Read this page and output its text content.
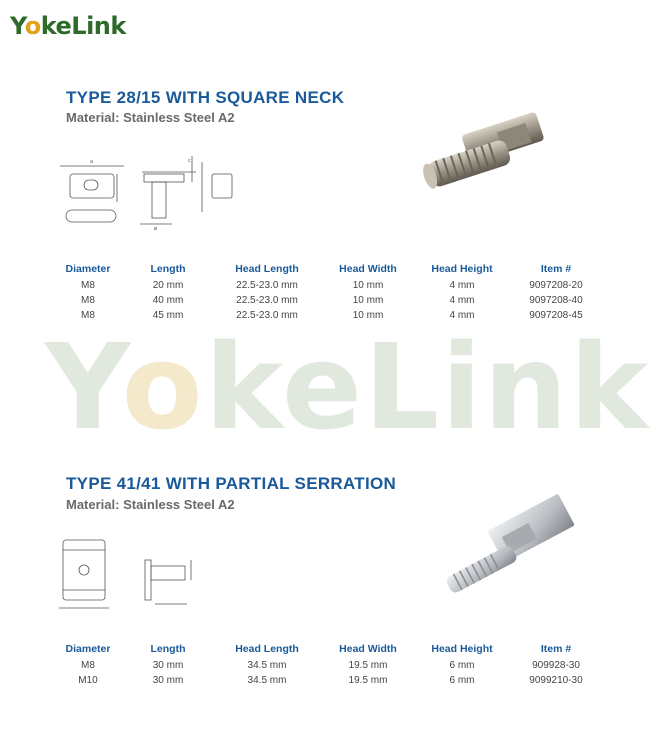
YokeLink
YokeLink
TYPE 28/15 WITH SQUARE NECK
Material: Stainless Steel A2
a	c
ø
Diameter	Length	Head Length	Head Width	Head Height	Item #
M8	20 mm	22.5-23.0 mm	10 mm	4 mm	9097208-20
M8	40 mm	22.5-23.0 mm	10 mm	4 mm	9097208-40
M8	45 mm	22.5-23.0 mm	10 mm	4 mm	9097208-45
TYPE 41/41 WITH PARTIAL SERRATION
Material: Stainless Steel A2
Diameter	Length	Head Length	Head Width	Head Height	Item #
M8	30 mm	34.5 mm	19.5 mm	6 mm	909928-30
M10	30 mm	34.5 mm	19.5 mm	6 mm	9099210-30
